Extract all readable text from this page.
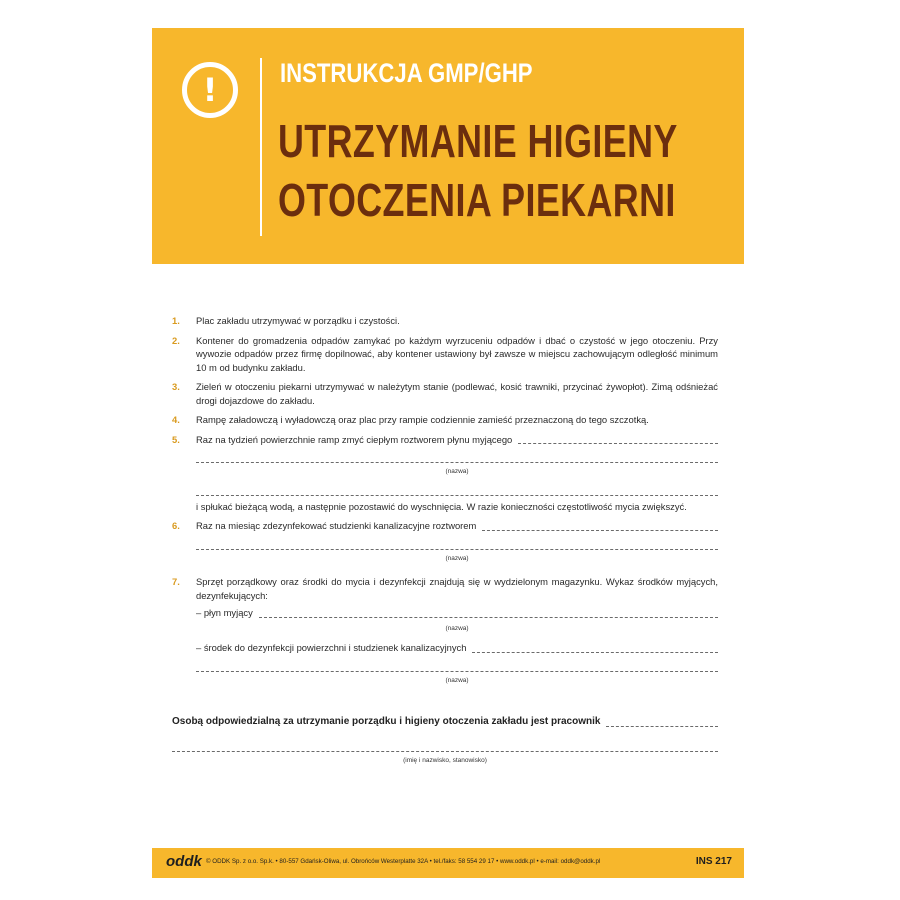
!	INSTRUKCJA GMP/GHP
UTRZYMANIE HIGIENY
OTOCZENIA PIEKARNI
1. Plac zakładu utrzymywać w porządku i czystości.
2. Kontener do gromadzenia odpadów zamykać po każdym wyrzuceniu odpadów i dbać o czystość w jego otoczeniu. Przy wywozie odpadów przez firmę dopilnować, aby kontener ustawiony był zawsze w miejscu zachowującym odległość minimum 10 m od budynku zakładu.
3. Zieleń w otoczeniu piekarni utrzymywać w należytym stanie (podlewać, kosić trawniki, przycinać żywopłot). Zimą odśnieżać drogi dojazdowe do zakładu.
4. Rampę załadowczą i wyładowczą oraz plac przy rampie codziennie zamieść przeznaczoną do tego szczotką.
5. Raz na tydzień powierzchnie ramp zmyć ciepłym roztworem płynu myjącego
(nazwa)
i spłukać bieżącą wodą, a następnie pozostawić do wyschnięcia. W razie konieczności częstotliwość mycia zwiększyć.
6. Raz na miesiąc zdezynfekować studzienki kanalizacyjne roztworem
(nazwa)
7. Sprzęt porządkowy oraz środki do mycia i dezynfekcji znajdują się w wydzielonym magazynku. Wykaz środków myjących, dezynfekujących:
– płyn myjący
(nazwa)
– środek do dezynfekcji powierzchni i studzienek kanalizacyjnych
(nazwa)
Osobą odpowiedzialną za utrzymanie porządku i higieny otoczenia zakładu jest pracownik
(imię i nazwisko, stanowisko)
oddk © ODDK Sp. z o.o. Sp.k. • 80-557 Gdańsk-Oliwa, ul. Obrońców Westerplatte 32A • tel./faks: 58 554 29 17 • www.oddk.pl • e-mail: oddk@oddk.pl	INS 217
